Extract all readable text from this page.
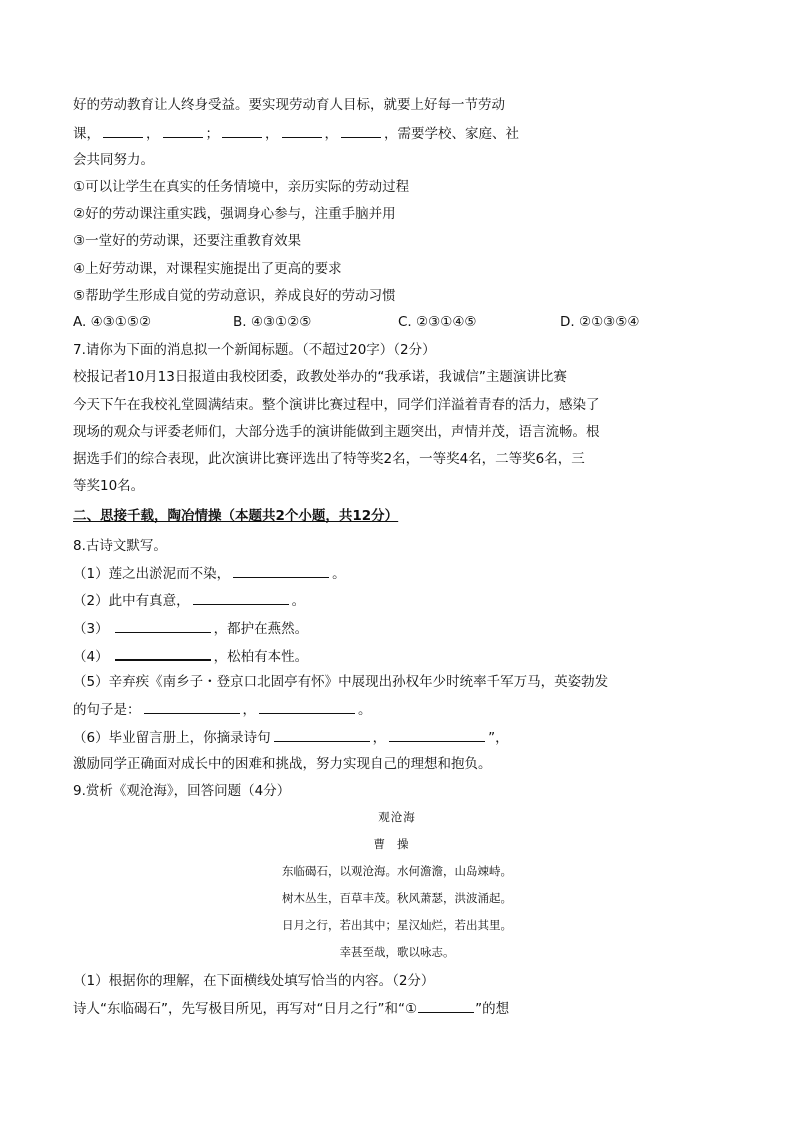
好的劳动教育让人终身受益。要实现劳动育人目标，就要上好每一节劳动
课，	，	；	，	，	，需要学校、家庭、社
会共同努力。
①可以让学生在真实的任务情境中，亲历实际的劳动过程
②好的劳动课注重实践，强调身心参与，注重手脑并用
③一堂好的劳动课，还要注重教育效果
④上好劳动课，对课程实施提出了更高的要求
⑤帮助学生形成自觉的劳动意识，养成良好的劳动习惯
A. ④③①⑤②	B. ④③①②⑤	C. ②③①④⑤	D. ②①③⑤④
7.请你为下面的消息拟一个新闻标题。（不超过20字）（2分）
校报记者10月13日报道由我校团委，政教处举办的“我承诺，我诚信”主题演讲比赛
今天下午在我校礼堂圆满结束。整个演讲比赛过程中，同学们洋溢着青春的活力，感染了
现场的观众与评委老师们，大部分选手的演讲能做到主题突出，声情并茂，语言流畅。根
据选手们的综合表现，此次演讲比赛评选出了特等奖2名，一等奖4名，二等奖6名，三
等奖10名。
二、思接千载，陶冶情操（本题共2个小题，共12分）
8.古诗文默写。
（1）莲之出淤泥而不染，	。
（2）此中有真意，	。
（3）	，都护在燕然。
（4）	，松柏有本性。
（5）辛弃疾《南乡子・登京口北固亭有怀》中展现出孙权年少时统率千军万马，英姿勃发
的句子是：	，	。
（6）毕业留言册上，你摘录诗句	，	”，
激励同学正确面对成长中的困难和挑战，努力实现自己的理想和抱负。
9.赏析《观沧海》，回答问题（4分）
观沧海
曹操
东临碣石，以观沧海。水何澹澹，山岛竦峙。
树木丛生，百草丰茂。秋风萧瑟，洪波涌起。
日月之行，若出其中；星汉灿烂，若出其里。
幸甚至哉，歌以咏志。
（1）根据你的理解，在下面横线处填写恰当的内容。（2分）
诗人“东临碣石”，先写极目所见，再写对“日月之行”和“①	”的想
